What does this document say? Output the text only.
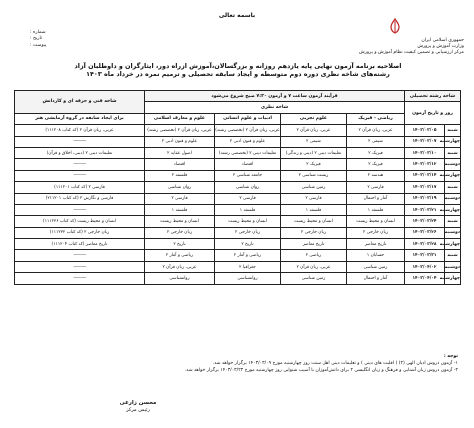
جمهوری اسلامی ایران
وزارت آموزش و پرورش
مرکز ارزشیابی و تضمین کیفیت نظام آموزش و پرورش
باسمه تعالی
شماره :
تاریخ :
پیوست :
اصلاحیه برنامه آزمون نهایی پایه یازدهم روزانه و بزرگسالان،آموزش ازراه دور، ایثارگران و داوطلبان آزاد
رشته‌های شاخه نظری دوره دوم متوسطه و ایجاد سابقه تحصیلی و ترمیم نمره در خرداد ماه ۱۴۰۳
شاخه رشته تحصیلی		فرآیند آزمون ساعت ۷ و آزمون ۷:۳۰ صبح شروع می‌شود				شاخه فنی و حرفه ای و کاردانش
روز و تاریخ آزمون		شاخه نظری				
		ریاضی - فیزیک	علوم تجربی	ادبیات و علوم انسانی	علوم و معارف اسلامی	برای ایجاد سابقه در گروه آزمایشی هنر
شنبه	۱۴۰۳/۰۳/۰۵	عربی، زبان قرآن ۲	عربی، زبان قرآن ۲	عربی، زبان قرآن ۲ (تخصصی رشته)	عربی، زبان قرآن ۲ (تخصصی رشته)	عربی، زبان قرآن ۲ (کد کتاب ۱۱۱۲۰۸)
چهارشنبه	۱۴۰۳/۰۳/۰۷	شیمی ۲	شیمی ۲	علوم و فنون ادبی ۲	علوم و فنون ادبی ۲	------------
شنبه	۱۴۰۳/۰۳/۱۰	فیزیک ۲	تعلیمات دینی ۲ (دینی و زندگی)	تعلیمات دینی ۲ (تخصصی رشته)	اصول عقاید ۲	تعلیمات دینی ۲ (دینی، اخلاق و قرآن)
دوشنبه	۱۴۰۳/۰۳/۱۲	فیزیک ۲	فیزیک ۲	اقتصاد	اقتصاد	------------
چهارشنبه	۱۴۰۳/۰۳/۱۴	هندسه ۲	زیست شناسی ۲	جامعه شناسی ۲	فلسفه ۲	------------
شنبه	۱۴۰۳/۰۳/۱۷	فارسی ۲	زمین شناسی	روان شناسی	روان شناسی	فارسی ۲ (کد کتاب ۱۱۱۲۰۱)
دوشنبه	۱۴۰۳/۰۳/۱۹	آمار و احتمال	فارسی ۲	فارسی ۲	فارسی ۲	فارسی و نگارش ۲ (کد کتاب ۲۱۱۲۰۱)
چهارشنبه	۱۴۰۳/۰۳/۲۱	فلسفه ۱	فلسفه ۱	فلسفه ۱	فلسفه ۱	------------
شنبه	۱۴۰۳/۰۳/۲۴	انسان و محیط زیست	انسان و محیط زیست	انسان و محیط زیست	انسان و محیط زیست	انسان و محیط زیست (کد کتاب ۱۱۱۲۳۶)
دوشنبه	۱۴۰۳/۰۳/۲۶	زبان خارجی ۲	زبان خارجی ۲	زبان خارجی ۲	زبان خارجی ۲	زبان خارجی ۲ (کد کتاب ۱۱۱۲۳۲)
چهارشنبه	۱۴۰۳/۰۳/۲۸	تاریخ معاصر	تاریخ معاصر	تاریخ ۲	تاریخ ۲	تاریخ معاصر (کد کتاب ۱۱۱۲۰۴)
شنبه	۱۴۰۳/۰۳/۳۱	حسابان ۱	ریاضی ۲	ریاضی و آمار ۲	ریاضی و آمار ۲	------------
دوشنبه	۱۴۰۳/۰۴/۰۲	زمین شناسی	عربی، زبان قرآن ۲	جغرافیا ۲	عربی، زبان قرآن ۲	------------
چهارشنبه	۱۴۰۳/۰۴/۰۴	آمار و احتمال	زمین شناسی	روانشناسی	روانشناسی	------------
توجه :
۱- آزمون دروس ادیان الهی (۲) ( اقلیت های دینی ) و تعلیمات دینی اهل سنت روز چهارشنبه مورخ ۱۴۰۳/۰۳/۰۹ برگزار خواهد شد.
۲- آزمون دروس زبان آشنایی و فرهنگ و زبان انگلیسی ۲ برای دانش‌آموزان با آسیب شنوایی روز چهارشنبه مورخ ۱۴۰۳/۰۳/۲۳ برگزار خواهد شد.
محسن زارعی
رئیس مرکز
